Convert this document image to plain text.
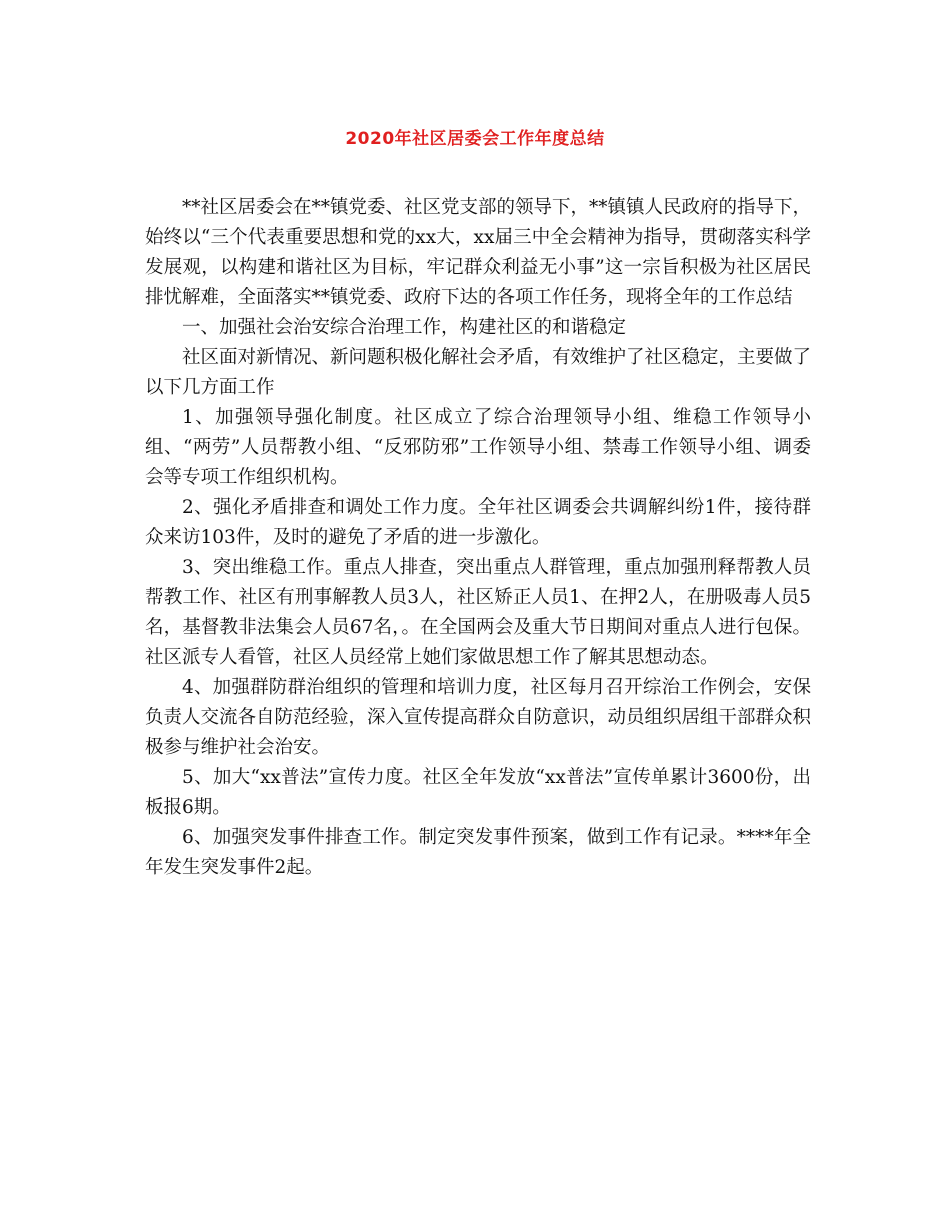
2020年社区居委会工作年度总结

**社区居委会在**镇党委、社区党支部的领导下，**镇镇人民政府的指导下，始终以“三个代表重要思想和党的xx大，xx届三中全会精神为指导，贯砌落实科学发展观，以构建和谐社区为目标，牢记群众利益无小事”这一宗旨积极为社区居民排忧解难，全面落实**镇党委、政府下达的各项工作任务，现将全年的工作总结

一、加强社会治安综合治理工作，构建社区的和谐稳定

社区面对新情况、新问题积极化解社会矛盾，有效维护了社区稳定，主要做了以下几方面工作

1、加强领导强化制度。社区成立了综合治理领导小组、维稳工作领导小组、“两劳”人员帮教小组、“反邪防邪”工作领导小组、禁毒工作领导小组、调委会等专项工作组织机构。

2、强化矛盾排查和调处工作力度。全年社区调委会共调解纠纷1件，接待群众来访103件，及时的避免了矛盾的进一步激化。

3、突出维稳工作。重点人排查，突出重点人群管理，重点加强刑释帮教人员帮教工作、社区有刑事解教人员3人，社区矫正人员1、在押2人，在册吸毒人员5名，基督教非法集会人员67名，。在全国两会及重大节日期间对重点人进行包保。社区派专人看管，社区人员经常上她们家做思想工作了解其思想动态。

4、加强群防群治组织的管理和培训力度，社区每月召开综治工作例会，安保负责人交流各自防范经验，深入宣传提高群众自防意识，动员组织居组干部群众积极参与维护社会治安。

5、加大“xx普法”宣传力度。社区全年发放“xx普法”宣传单累计3600份，出板报6期。

6、加强突发事件排查工作。制定突发事件预案，做到工作有记录。****年全年发生突发事件2起。
